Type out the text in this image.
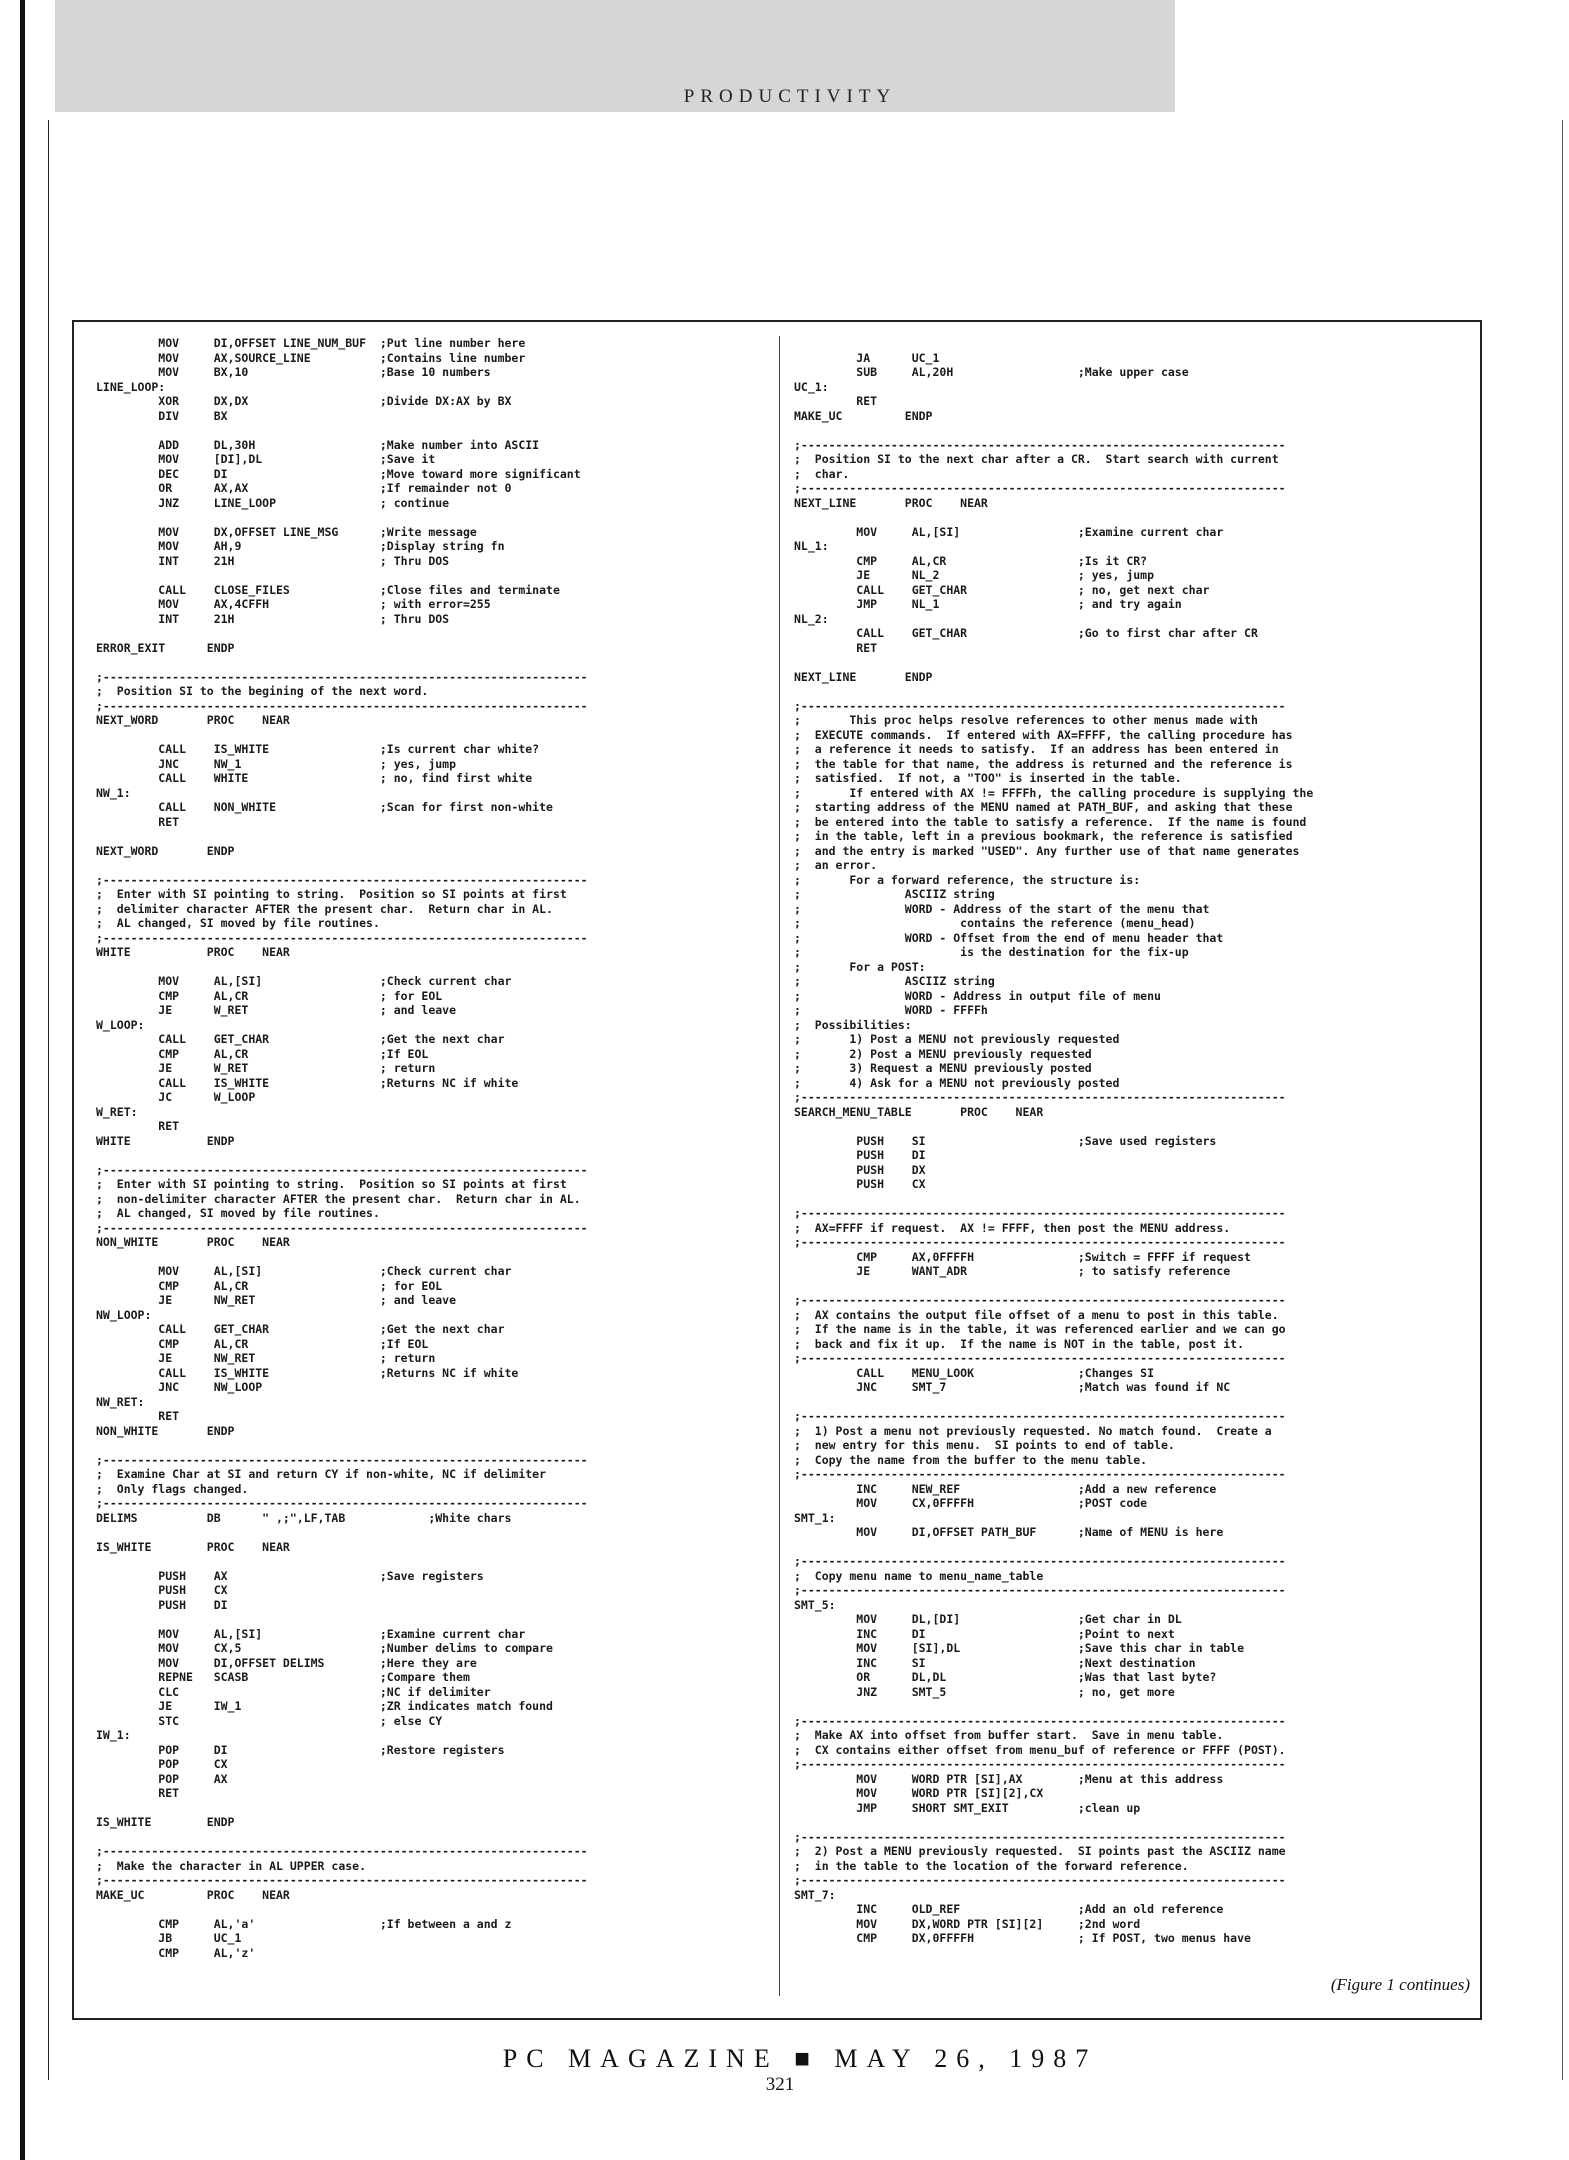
PRODUCTIVITY
MOV     DI,OFFSET LINE_NUM_BUF  ;Put line number here
MOV     AX,SOURCE_LINE          ;Contains line number
MOV     BX,10                   ;Base 10 numbers
LINE_LOOP:
XOR     DX,DX                   ;Divide DX:AX by BX
DIV     BX
ADD     DL,30H                  ;Make number into ASCII
MOV     [DI],DL                 ;Save it
DEC     DI                      ;Move toward more significant
OR      AX,AX                   ;If remainder not 0
JNZ     LINE_LOOP               ; continue
MOV     DX,OFFSET LINE_MSG      ;Write message
MOV     AH,9                    ;Display string fn
INT     21H                     ; Thru DOS
CALL    CLOSE_FILES             ;Close files and terminate
MOV     AX,4CFFH                ; with error=255
INT     21H                     ; Thru DOS
ERROR_EXIT      ENDP
;----------------------------------------------------------------------
;  Position SI to the begining of the next word.
;----------------------------------------------------------------------
NEXT_WORD       PROC    NEAR
CALL    IS_WHITE                ;Is current char white?
JNC     NW_1                    ; yes, jump
CALL    WHITE                   ; no, find first white
NW_1:
CALL    NON_WHITE               ;Scan for first non-white
RET
NEXT_WORD       ENDP
;----------------------------------------------------------------------
;  Enter with SI pointing to string.  Position so SI points at first
;  delimiter character AFTER the present char.  Return char in AL.
;  AL changed, SI moved by file routines.
;----------------------------------------------------------------------
WHITE           PROC    NEAR
MOV     AL,[SI]                 ;Check current char
CMP     AL,CR                   ; for EOL
JE      W_RET                   ; and leave
W_LOOP:
CALL    GET_CHAR                ;Get the next char
CMP     AL,CR                   ;If EOL
JE      W_RET                   ; return
CALL    IS_WHITE                ;Returns NC if white
JC      W_LOOP
W_RET:
RET
WHITE           ENDP
;----------------------------------------------------------------------
;  Enter with SI pointing to string.  Position so SI points at first
;  non-delimiter character AFTER the present char.  Return char in AL.
;  AL changed, SI moved by file routines.
;----------------------------------------------------------------------
NON_WHITE       PROC    NEAR
MOV     AL,[SI]                 ;Check current char
CMP     AL,CR                   ; for EOL
JE      NW_RET                  ; and leave
NW_LOOP:
CALL    GET_CHAR                ;Get the next char
CMP     AL,CR                   ;If EOL
JE      NW_RET                  ; return
CALL    IS_WHITE                ;Returns NC if white
JNC     NW_LOOP
NW_RET:
RET
NON_WHITE       ENDP
;----------------------------------------------------------------------
;  Examine Char at SI and return CY if non-white, NC if delimiter
;  Only flags changed.
;----------------------------------------------------------------------
DELIMS          DB      " ,;",LF,TAB            ;White chars
IS_WHITE        PROC    NEAR
PUSH    AX                      ;Save registers
PUSH    CX
PUSH    DI
MOV     AL,[SI]                 ;Examine current char
MOV     CX,5                    ;Number delims to compare
MOV     DI,OFFSET DELIMS        ;Here they are
REPNE   SCASB                   ;Compare them
CLC                             ;NC if delimiter
JE      IW_1                    ;ZR indicates match found
STC                             ; else CY
IW_1:
POP     DI                      ;Restore registers
POP     CX
POP     AX
RET
IS_WHITE        ENDP
;----------------------------------------------------------------------
;  Make the character in AL UPPER case.
;----------------------------------------------------------------------
MAKE_UC         PROC    NEAR
CMP     AL,'a'                  ;If between a and z
JB      UC_1
CMP     AL,'z'
JA      UC_1
SUB     AL,20H                  ;Make upper case
UC_1:
RET
MAKE_UC         ENDP
;----------------------------------------------------------------------
;  Position SI to the next char after a CR.  Start search with current
;  char.
;----------------------------------------------------------------------
NEXT_LINE       PROC    NEAR
MOV     AL,[SI]                 ;Examine current char
NL_1:
CMP     AL,CR                   ;Is it CR?
JE      NL_2                    ; yes, jump
CALL    GET_CHAR                ; no, get next char
JMP     NL_1                    ; and try again
NL_2:
CALL    GET_CHAR                ;Go to first char after CR
RET
NEXT_LINE       ENDP
;----------------------------------------------------------------------
;       This proc helps resolve references to other menus made with
;  EXECUTE commands.  If entered with AX=FFFF, the calling procedure has
;  a reference it needs to satisfy.  If an address has been entered in
;  the table for that name, the address is returned and the reference is
;  satisfied.  If not, a "TOO" is inserted in the table.
;       If entered with AX != FFFFh, the calling procedure is supplying the
;  starting address of the MENU named at PATH_BUF, and asking that these
;  be entered into the table to satisfy a reference.  If the name is found
;  in the table, left in a previous bookmark, the reference is satisfied
;  and the entry is marked "USED". Any further use of that name generates
;  an error.
;       For a forward reference, the structure is:
;               ASCIIZ string
;               WORD - Address of the start of the menu that
;                       contains the reference (menu_head)
;               WORD - Offset from the end of menu header that
;                       is the destination for the fix-up
;       For a POST:
;               ASCIIZ string
;               WORD - Address in output file of menu
;               WORD - FFFFh
;  Possibilities:
;       1) Post a MENU not previously requested
;       2) Post a MENU previously requested
;       3) Request a MENU previously posted
;       4) Ask for a MENU not previously posted
;----------------------------------------------------------------------
SEARCH_MENU_TABLE       PROC    NEAR
PUSH    SI                      ;Save used registers
PUSH    DI
PUSH    DX
PUSH    CX
;----------------------------------------------------------------------
;  AX=FFFF if request.  AX != FFFF, then post the MENU address.
;----------------------------------------------------------------------
CMP     AX,0FFFFH               ;Switch = FFFF if request
JE      WANT_ADR                ; to satisfy reference
;----------------------------------------------------------------------
;  AX contains the output file offset of a menu to post in this table.
;  If the name is in the table, it was referenced earlier and we can go
;  back and fix it up.  If the name is NOT in the table, post it.
;----------------------------------------------------------------------
CALL    MENU_LOOK               ;Changes SI
JNC     SMT_7                   ;Match was found if NC
;----------------------------------------------------------------------
;  1) Post a menu not previously requested. No match found.  Create a
;  new entry for this menu.  SI points to end of table.
;  Copy the name from the buffer to the menu table.
;----------------------------------------------------------------------
INC     NEW_REF                 ;Add a new reference
MOV     CX,0FFFFH               ;POST code
SMT_1:
MOV     DI,OFFSET PATH_BUF      ;Name of MENU is here
;----------------------------------------------------------------------
;  Copy menu name to menu_name_table
;----------------------------------------------------------------------
SMT_5:
MOV     DL,[DI]                 ;Get char in DL
INC     DI                      ;Point to next
MOV     [SI],DL                 ;Save this char in table
INC     SI                      ;Next destination
OR      DL,DL                   ;Was that last byte?
JNZ     SMT_5                   ; no, get more
;----------------------------------------------------------------------
;  Make AX into offset from buffer start.  Save in menu table.
;  CX contains either offset from menu_buf of reference or FFFF (POST).
;----------------------------------------------------------------------
MOV     WORD PTR [SI],AX        ;Menu at this address
MOV     WORD PTR [SI][2],CX
JMP     SHORT SMT_EXIT          ;clean up
;----------------------------------------------------------------------
;  2) Post a MENU previously requested.  SI points past the ASCIIZ name
;  in the table to the location of the forward reference.
;----------------------------------------------------------------------
SMT_7:
INC     OLD_REF                 ;Add an old reference
MOV     DX,WORD PTR [SI][2]     ;2nd word
CMP     DX,0FFFFH               ; If POST, two menus have
(Figure 1 continues)
PC MAGAZINE ■ MAY 26, 1987
321
